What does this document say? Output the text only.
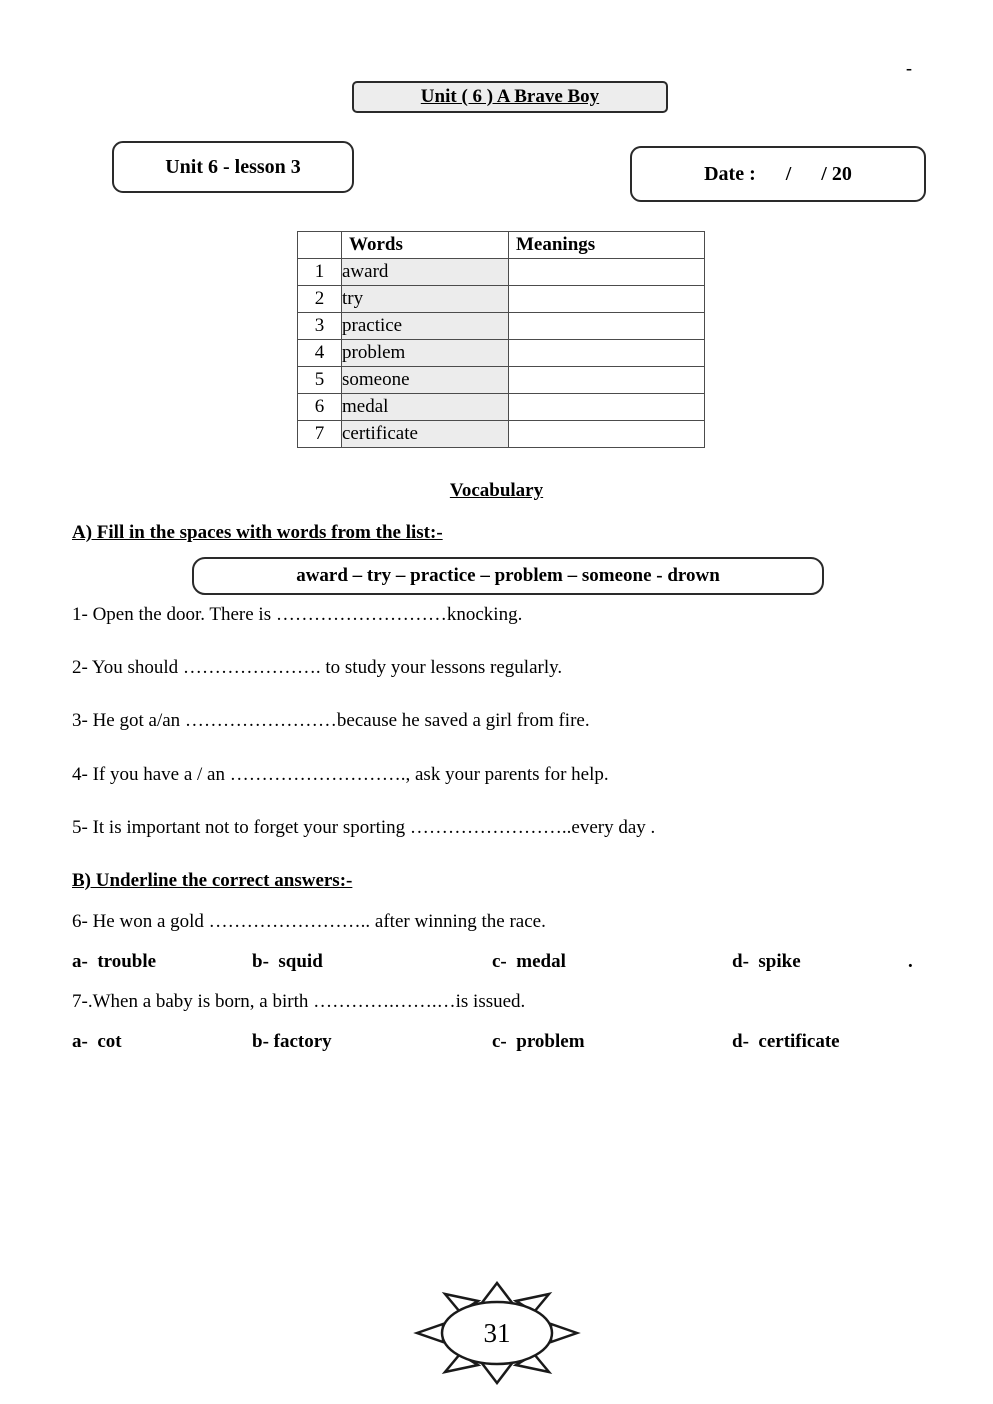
-
Unit ( 6 ) A Brave Boy
Unit 6 - lesson 3	Date :      /      / 20
	Words	Meanings
1	award	
2	try	
3	practice	
4	problem	
5	someone	
6	medal	
7	certificate	
Vocabulary
A) Fill in the spaces with words from the list:-
award – try – practice – problem – someone - drown
1- Open the door. There is ………………………knocking.
2- You should …………………. to study your lessons regularly.
3- He got a/an ……………………because he saved a girl from fire.
4- If you have a / an ………………………., ask your parents for help.
5- It is important not to forget your sporting ……………………..every day .
B) Underline the correct answers:-
6- He won a gold …………………….. after winning the race.
a-  trouble	b-  squid	c-  medal	d-  spike	.
7-.When a baby is born, a birth ………….…….…is issued.
a-  cot	b- factory	c-  problem	d-  certificate
31
